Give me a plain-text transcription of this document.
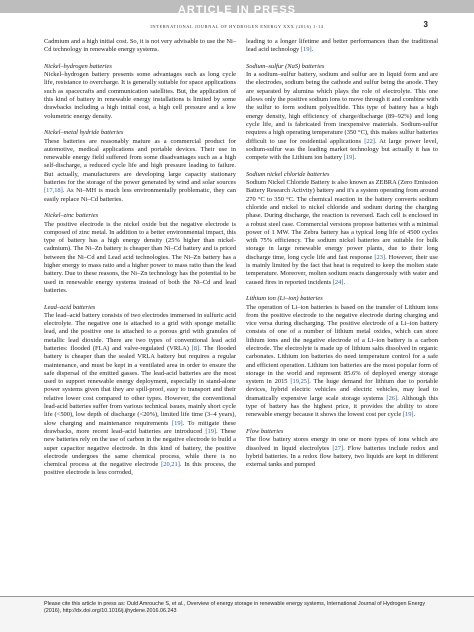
ARTICLE IN PRESS
INTERNATIONAL JOURNAL OF HYDROGEN ENERGY XXX (2016) 1-14	3

Cadmium and a high initial cost. So, it is not very advisable to use the Ni–Cd technology in renewable energy systems.

Nickel–hydrogen batteries

Nickel–hydrogen battery presents some advantages such as long cycle life, resistance to overcharge. It is generally suitable for space applications such as spacecrafts and communication satellites. But, the application of this kind of battery in renewable energy installations is limited by some drawbacks including a high initial cost, a high cell pressure and a low volumetric energy density.

Nickel–metal hydride batteries

These batteries are reasonably mature as a commercial product for automotive, medical applications and portable devices. Their use in renewable energy field suffered from some disadvantages such as a high self-discharge, a reduced cycle life and high pressure leading to failure. But actually, manufacturers are developing large capacity stationary batteries for the storage of the power generated by wind and solar sources [17,18]. As Ni–MH is much less environmentally problematic, they can easily replace Ni–Cd batteries.

Nickel–zinc batteries

The positive electrode is the nickel oxide but the negative electrode is composed of zinc metal. In addition to a better environmental impact, this type of battery has a high energy density (25% higher than nickel-cadmium). The Ni–Zn battery is cheaper than Ni–Cd battery and is priced between the Ni–Cd and Lead acid technologies. The Ni–Zn battery has a higher energy to mass ratio and a higher power to mass ratio than the lead battery. Due to these reasons, the Ni–Zn technology has the potential to be used in renewable energy systems instead of both the Ni–Cd and lead batteries.

Lead–acid batteries

The lead–acid battery consists of two electrodes immersed in sulfuric acid electrolyte. The negative one is attached to a grid with sponge metallic lead, and the positive one is attached to a porous grid with granules of metallic lead dioxide. There are two types of conventional lead acid batteries: flooded (FLA) and valve-regulated (VRLA) [8]. The flooded battery is cheaper than the sealed VRLA battery but requires a regular maintenance, and must be kept in a ventilated area in order to ensure the safe dispersal of the emitted gasses. The lead-acid batteries are the most used to support renewable energy deployment, especially in stand-alone power systems given that they are spill-proof, easy to transport and their relative lower cost compared to other types. However, the conventional lead-acid batteries suffer from various technical issues, mainly short cycle life (<500), low depth of discharge (<20%), limited life time (3–4 years), slow charging and maintenance requirements [19]. To mitigate these drawbacks, more recent lead–acid batteries are introduced [19]. These new batteries rely on the use of carbon in the negative electrode to build a super capacitor negative electrode. In this kind of battery, the positive electrode undergoes the same chemical process, while there is no chemical process at the negative electrode [20,21]. In this process, the positive electrode is less corroded,

leading to a longer lifetime and better performances than the traditional lead acid technology [19].

Sodium–sulfur (NaS) batteries

In a sodium–sulfur battery, sodium and sulfur are in liquid form and are the electrodes, sodium being the cathode and sulfur being the anode. They are separated by alumina which plays the role of electrolyte. This one allows only the positive sodium ions to move through it and combine with the sulfur to form sodium polysulfide. This type of battery has a high energy density, high efficiency of charge/discharge (89–92%) and long cycle life, and is fabricated from inexpensive materials. Sodium-sulfur requires a high operating temperature (350 °C), this makes sulfur batteries difficult to use for residential applications [22]. At large power level, sodium-sulfur was the leading market technology but actually it has to compete with the Lithium ion battery [19].

Sodium nickel chloride batteries

Sodium Nickel Chloride Battery is also known as ZEBRA (Zero Emission Battery Research Activity) battery and it's a system operating from around 270 °C to 350 °C. The chemical reaction in the battery converts sodium chloride and nickel to nickel chloride and sodium during the charging phase. During discharge, the reaction is reversed. Each cell is enclosed in a robust steel case. Commercial versions propose batteries with a minimal power of 1 MW. The Zebra battery has a typical long life of 4500 cycles with 75% efficiency. The sodium nickel batteries are suitable for bulk storage in large renewable energy power plants, due to their long discharge time, long cycle life and fast response [23]. However, their use is mainly limited by the fact that heat is required to keep the molten state temperature. Moreover, molten sodium reacts dangerously with water and caused fires in reported incidents [24].

Lithium ion (Li–ion) batteries

The operation of Li–ion batteries is based on the transfer of Lithium ions from the positive electrode to the negative electrode during charging and vice versa during discharging. The positive electrode of a Li–ion battery consists of one of a number of lithium metal oxides, which can store lithium ions and the negative electrode of a Li–ion battery is a carbon electrode. The electrolyte is made up of lithium salts dissolved in organic carbonates. Lithium ion batteries do need temperature control for a safe and efficient operation. Lithium ion batteries are the most popular form of storage in the world and represent 85.6% of deployed energy storage system in 2015 [19,25]. The huge demand for lithium due to portable devices, hybrid electric vehicles and electric vehicles, may lead to dramatically expensive large scale storage systems [26]. Although this type of battery has the highest price, it provides the ability to store renewable energy because it shows the lowest cost per cycle [19].

Flow batteries

The flow battery stores energy in one or more types of ions which are dissolved in liquid electrolytes [27]. Flow batteries include redox and hybrid batteries. In a redox flow battery, two liquids are kept in different external tanks and pumped

Please cite this article in press as: Ould Amrouche S, et al., Overview of energy storage in renewable energy systems, International Journal of Hydrogen Energy (2016), http://dx.doi.org/10.1016/j.ijhydene.2016.06.243
